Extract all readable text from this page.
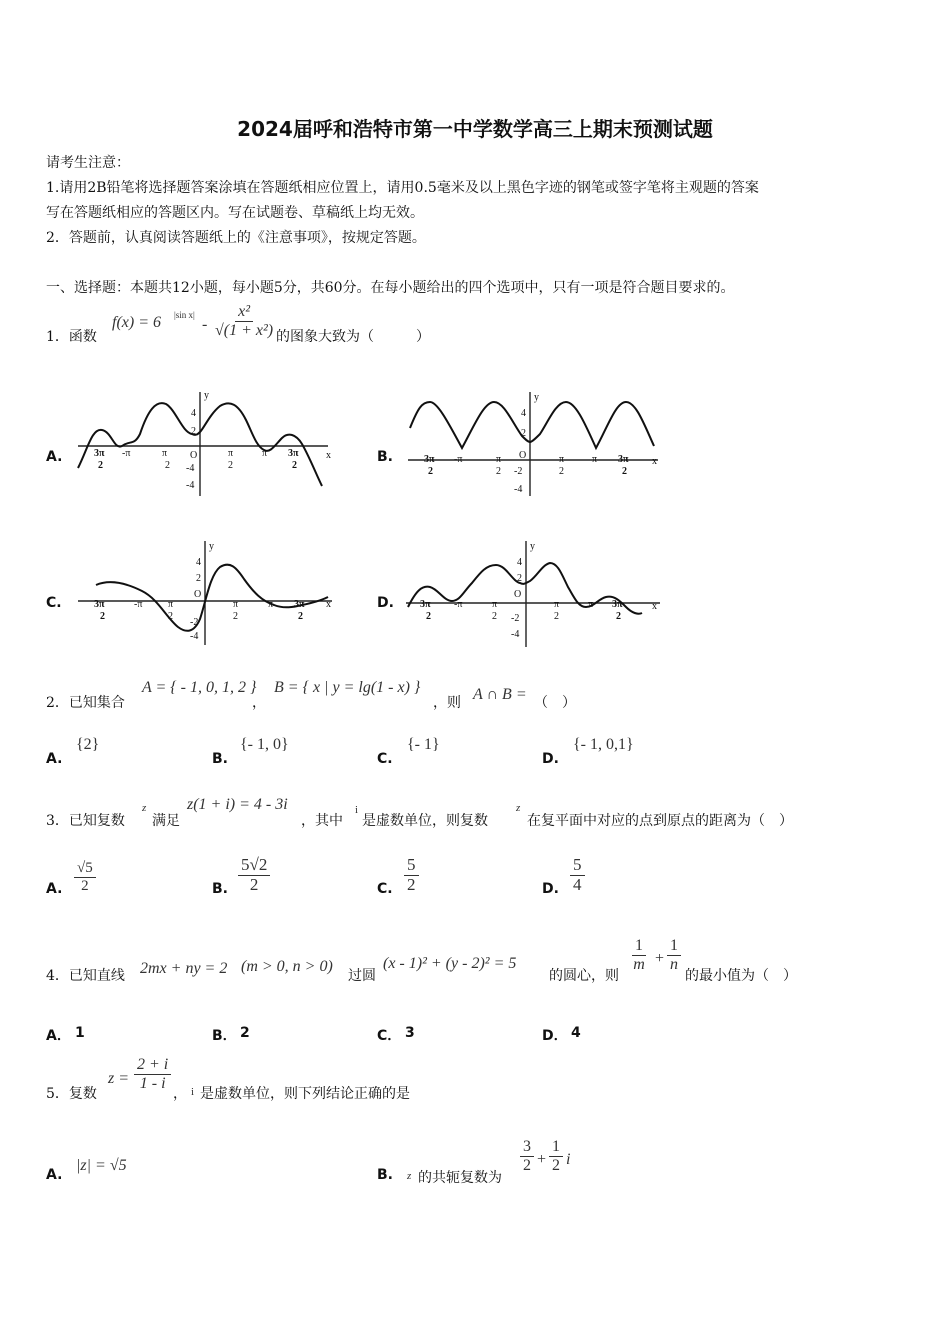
2024届呼和浩特市第一中学数学高三上期末预测试题
请考生注意：
1.请用2B铅笔将选择题答案涂填在答题纸相应位置上，请用0.5毫米及以上黑色字迹的钢笔或签字笔将主观题的答案
写在答题纸相应的答题区内。写在试题卷、草稿纸上均无效。
2．答题前，认真阅读答题纸上的《注意事项》，按规定答题。
一、选择题：本题共12小题，每小题5分，共60分。在每小题给出的四个选项中，只有一项是符合题目要求的。
1．函数
f(x) = 6 |sin x|
- $\frac{\text{x²}}{\text{√(1 + x²)}}$ 的图象大致为（　　　）
A.
y
x
O
4
2
-4
-4
3π
2
-π	π
2
π
2
π 3π
2
B.
y
x
O
4
2
-2
-4
3π
2
-π	π
2
π
2
π 3π
2
C.
y
x
O
4
2
-2
-4
3π
2
-π	π
2
π
2
π 3π
2
D.
y
x
O
4
2
-2
-4
3π
2
-π	π
2
π
2
π 3π
2
2．已知集合
A = { - 1, 0, 1, 2 }
，
B = { x | y = lg(1 - x) }
，则 A ∩ B = （　）
A.
{2}
B.
{- 1, 0}
C.
{- 1}
D.
{- 1, 0,1}
3．已知复数
z
满足
z(1 + i) = 4 - 3i
，其中
i
是虚数单位，则复数
z
在复平面中对应的点到原点的距离为（　）
A. $\frac{√5}{2}$	B. $\frac{5√2}{2}$	C. $\frac{5}{2}$	D. $\frac{5}{4}$
4．已知直线 2mx + ny = 2 (m > 0, n > 0)
过圆
(x - 1)² + (y - 2)² = 5
的圆心，则
$\frac{1}{m} + \frac{1}{n}$
的最小值为（　）
A． 1	B． 2	C． 3	D． 4
5．复数
$z = \frac{2 + i}{1 - i}$
， i 是虚数单位，则下列结论正确的是
A.
|z| = √5
B. z 的共轭复数为
$\frac{3}{2} + \frac{1}{2}$ i
